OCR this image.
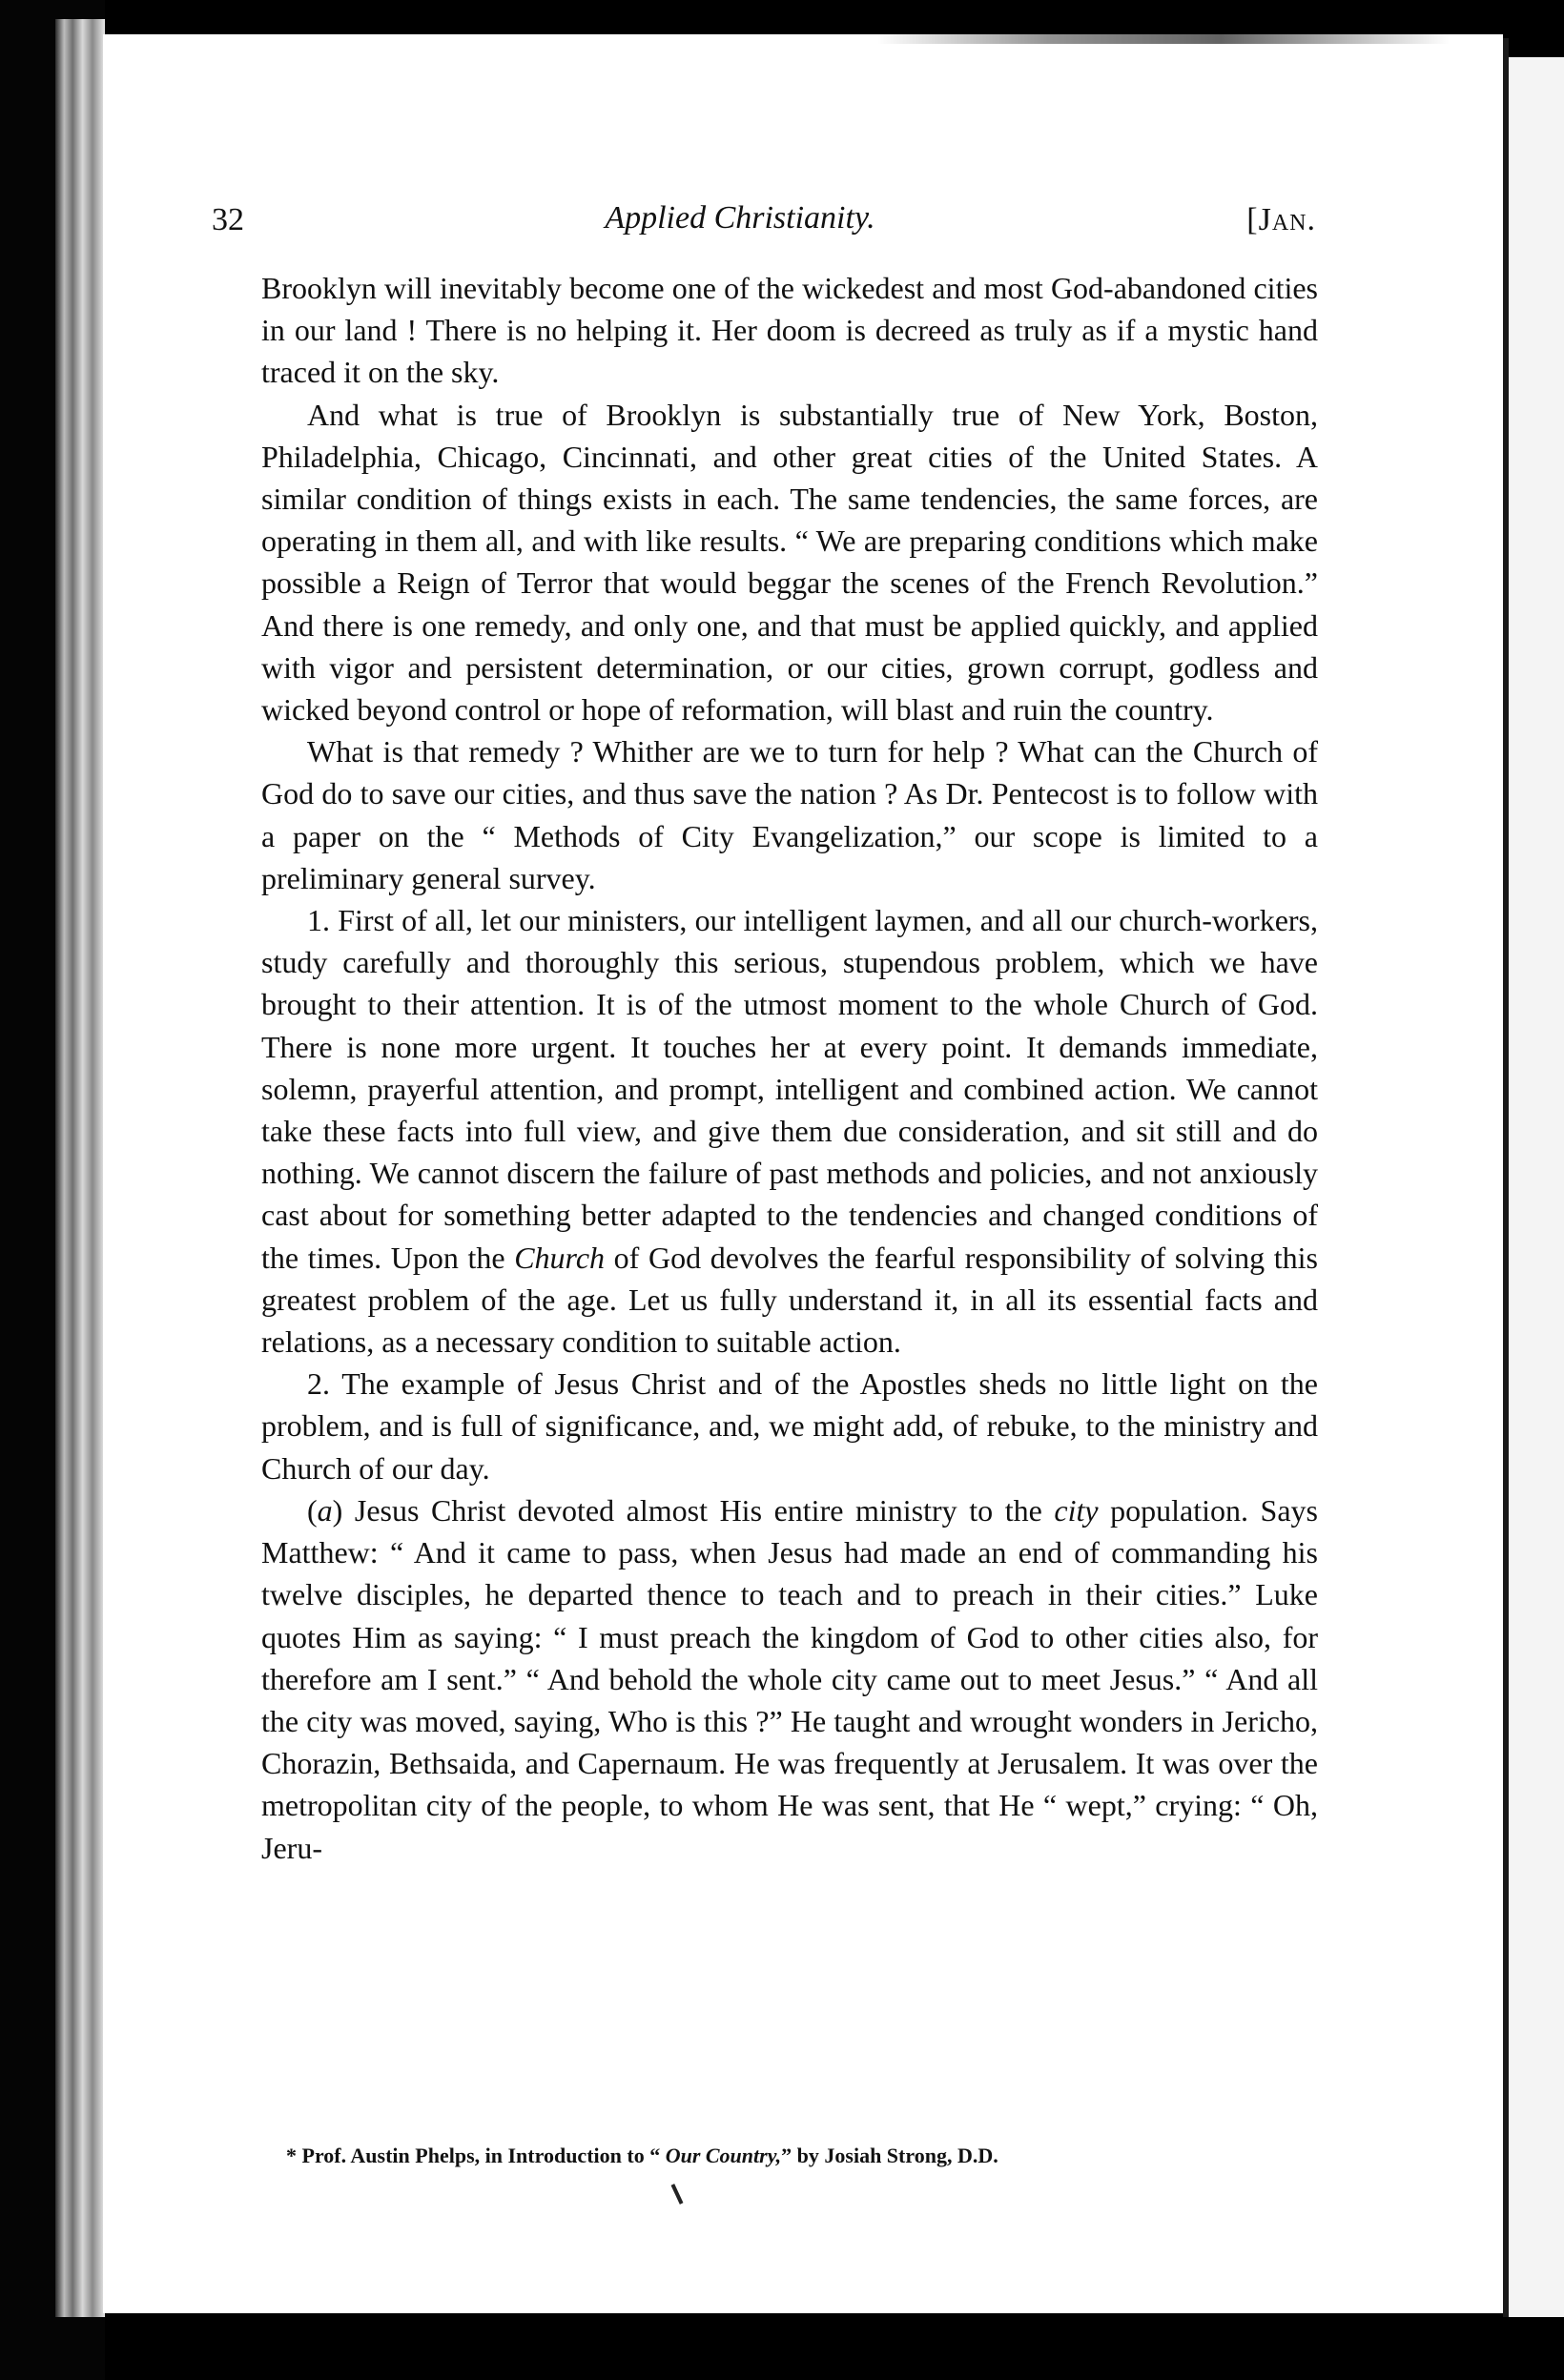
32	Applied Christianity.	[Jan.

Brooklyn will inevitably become one of the wickedest and most God-abandoned cities in our land ! There is no helping it. Her doom is decreed as truly as if a mystic hand traced it on the sky.

And what is true of Brooklyn is substantially true of New York, Boston, Philadelphia, Chicago, Cincinnati, and other great cities of the United States. A similar condition of things exists in each. The same tendencies, the same forces, are operating in them all, and with like results. “ We are preparing conditions which make possible a Reign of Terror that would beggar the scenes of the French Revolution.” And there is one remedy, and only one, and that must be applied quickly, and applied with vigor and persistent determination, or our cities, grown corrupt, godless and wicked beyond control or hope of reformation, will blast and ruin the country.

What is that remedy ? Whither are we to turn for help ? What can the Church of God do to save our cities, and thus save the nation ? As Dr. Pentecost is to follow with a paper on the “ Methods of City Evangelization,” our scope is limited to a preliminary general survey.

1. First of all, let our ministers, our intelligent laymen, and all our church-workers, study carefully and thoroughly this serious, stupendous problem, which we have brought to their attention. It is of the utmost moment to the whole Church of God. There is none more urgent. It touches her at every point. It demands immediate, solemn, prayerful attention, and prompt, intelligent and combined action. We cannot take these facts into full view, and give them due consideration, and sit still and do nothing. We cannot discern the failure of past methods and policies, and not anxiously cast about for something better adapted to the tendencies and changed conditions of the times. Upon the Church of God devolves the fearful responsibility of solving this greatest problem of the age. Let us fully understand it, in all its essential facts and relations, as a necessary condition to suitable action.

2. The example of Jesus Christ and of the Apostles sheds no little light on the problem, and is full of significance, and, we might add, of rebuke, to the ministry and Church of our day.

(a) Jesus Christ devoted almost His entire ministry to the city population. Says Matthew: “ And it came to pass, when Jesus had made an end of commanding his twelve disciples, he departed thence to teach and to preach in their cities.” Luke quotes Him as saying: “ I must preach the kingdom of God to other cities also, for therefore am I sent.” “ And behold the whole city came out to meet Jesus.” “ And all the city was moved, saying, Who is this ?” He taught and wrought wonders in Jericho, Chorazin, Bethsaida, and Capernaum. He was frequently at Jerusalem. It was over the metropolitan city of the people, to whom He was sent, that He “ wept,” crying: “ Oh, Jeru-

* Prof. Austin Phelps, in Introduction to “ Our Country,” by Josiah Strong, D.D.
